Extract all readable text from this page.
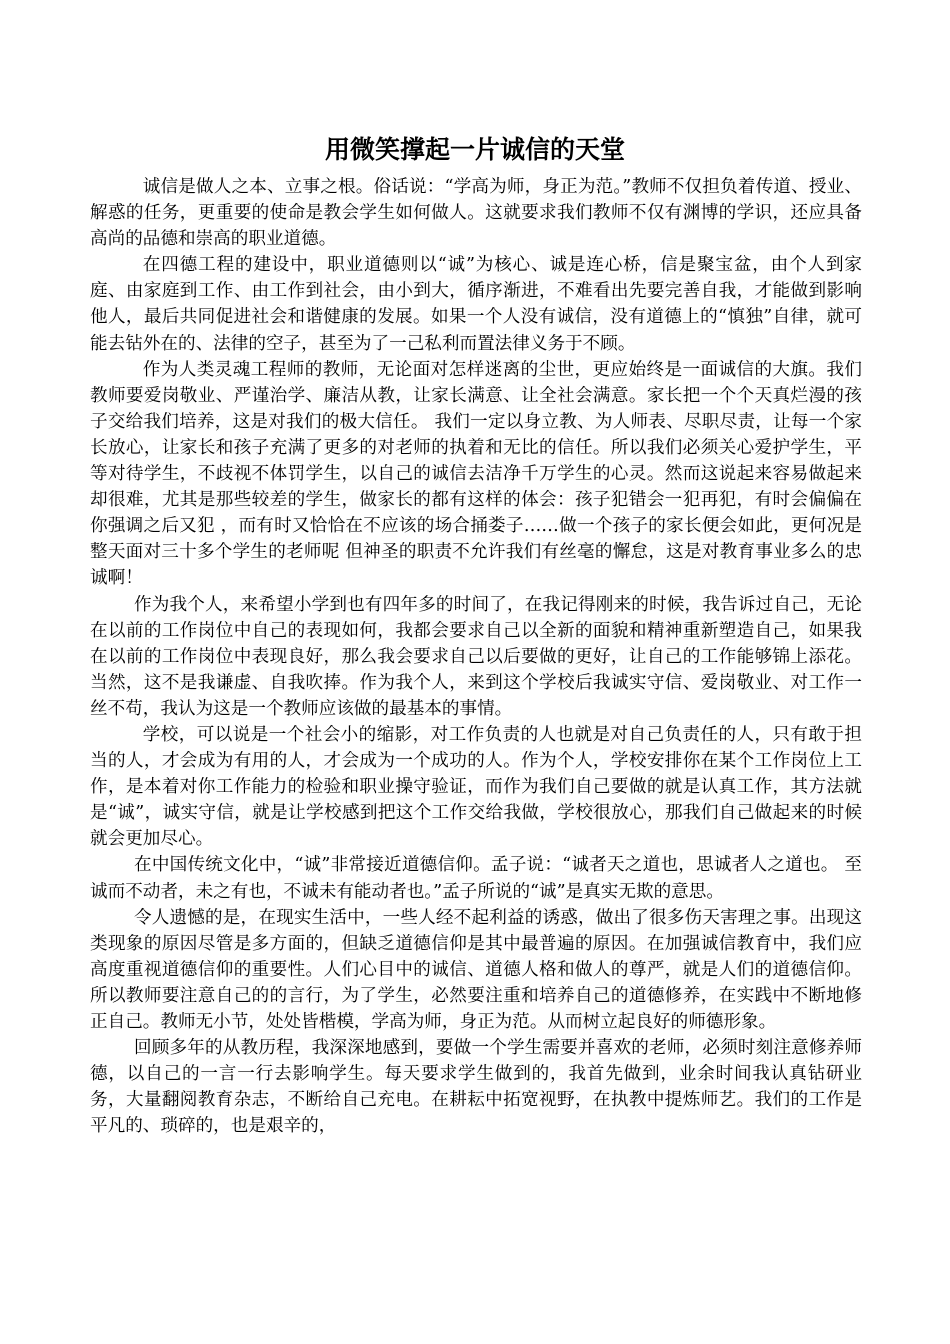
用微笑撑起一片诚信的天堂

诚信是做人之本、立事之根。俗话说：“学高为师，身正为范。”教师不仅担负着传道、授业、解惑的任务，更重要的使命是教会学生如何做人。这就要求我们教师不仅有渊博的学识，还应具备高尚的品德和崇高的职业道德。

在四德工程的建设中，职业道德则以“诚”为核心、诚是连心桥，信是聚宝盆，由个人到家庭、由家庭到工作、由工作到社会，由小到大，循序渐进，不难看出先要完善自我，才能做到影响他人，最后共同促进社会和谐健康的发展。如果一个人没有诚信，没有道德上的“慎独”自律，就可能去钻外在的、法律的空子，甚至为了一己私利而置法律义务于不顾。

作为人类灵魂工程师的教师，无论面对怎样迷离的尘世，更应始终是一面诚信的大旗。我们教师要爱岗敬业、严谨治学、廉洁从教，让家长满意、让全社会满意。家长把一个个天真烂漫的孩子交给我们培养，这是对我们的极大信任。 我们一定以身立教、为人师表、尽职尽责，让每一个家长放心，让家长和孩子充满了更多的对老师的执着和无比的信任。所以我们必须关心爱护学生，平等对待学生，不歧视不体罚学生，以自己的诚信去洁净千万学生的心灵。然而这说起来容易做起来却很难，尤其是那些较差的学生，做家长的都有这样的体会：孩子犯错会一犯再犯，有时会偏偏在你强调之后又犯 ，而有时又恰恰在不应该的场合捅娄子……做一个孩子的家长便会如此，更何况是整天面对三十多个学生的老师呢 但神圣的职责不允许我们有丝毫的懈怠，这是对教育事业多么的忠诚啊！

作为我个人，来希望小学到也有四年多的时间了，在我记得刚来的时候，我告诉过自己，无论在以前的工作岗位中自己的表现如何，我都会要求自己以全新的面貌和精神重新塑造自己，如果我在以前的工作岗位中表现良好，那么我会要求自己以后要做的更好，让自己的工作能够锦上添花。当然，这不是我谦虚、自我吹捧。作为我个人，来到这个学校后我诚实守信、爱岗敬业、对工作一丝不苟，我认为这是一个教师应该做的最基本的事情。

学校，可以说是一个社会小的缩影，对工作负责的人也就是对自己负责任的人，只有敢于担当的人，才会成为有用的人，才会成为一个成功的人。作为个人，学校安排你在某个工作岗位上工作，是本着对你工作能力的检验和职业操守验证，而作为我们自己要做的就是认真工作，其方法就是“诚”，诚实守信，就是让学校感到把这个工作交给我做，学校很放心，那我们自己做起来的时候就会更加尽心。

在中国传统文化中，“诚”非常接近道德信仰。孟子说：“诚者天之道也，思诚者人之道也。 至诚而不动者，未之有也，不诚未有能动者也。”孟子所说的“诚”是真实无欺的意思。

令人遗憾的是，在现实生活中，一些人经不起利益的诱惑，做出了很多伤天害理之事。出现这类现象的原因尽管是多方面的，但缺乏道德信仰是其中最普遍的原因。在加强诚信教育中，我们应高度重视道德信仰的重要性。人们心目中的诚信、道德人格和做人的尊严，就是人们的道德信仰。所以教师要注意自己的的言行，为了学生，必然要注重和培养自己的道德修养，在实践中不断地修正自己。教师无小节，处处皆楷模，学高为师，身正为范。从而树立起良好的师德形象。

回顾多年的从教历程，我深深地感到，要做一个学生需要并喜欢的老师，必须时刻注意修养师德，以自己的一言一行去影响学生。每天要求学生做到的，我首先做到，业余时间我认真钻研业务，大量翻阅教育杂志，不断给自己充电。在耕耘中拓宽视野，在执教中提炼师艺。我们的工作是平凡的、琐碎的，也是艰辛的，
